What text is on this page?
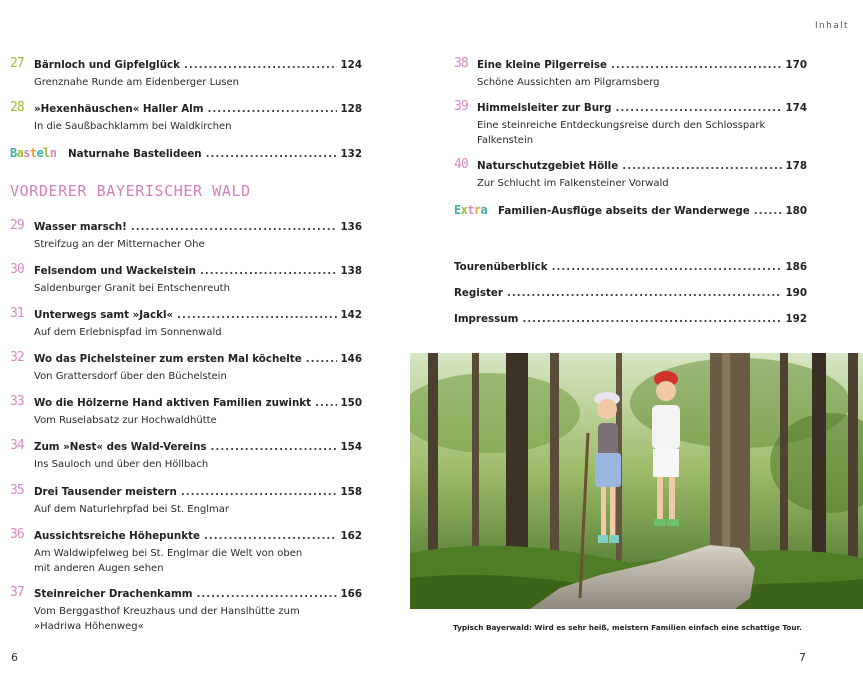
27 Bärnloch und Gipfelglück . . .	124
Grenznahe Runde am Eidenberger Lusen
28 »Hexenhäuschen« Haller Alm . . .	128
In die Saußbachklamm bei Waldkirchen
Basteln Naturnahe Bastelideen . . .	132
VORDERER BAYERISCHER WALD
29 Wasser marsch! . . .	136
Streifzug an der Mitternacher Ohe
30 Felsendom und Wackelstein . . .	138
Saldenburger Granit bei Entschenreuth
31 Unterwegs samt »Jackl« . . .	142
Auf dem Erlebnispfad im Sonnenwald
32 Wo das Pichelsteiner zum ersten Mal köchelte . . .	146
Von Grattersdorf über den Büchelstein
33 Wo die Hölzerne Hand aktiven Familien zuwinkt . . .	150
Vom Ruselabsatz zur Hochwaldhütte
34 Zum »Nest« des Wald-Vereins . . .	154
Ins Sauloch und über den Höllbach
35 Drei Tausender meistern . . .	158
Auf dem Naturlehrpfad bei St. Englmar
36 Aussichtsreiche Höhepunkte . . .	162
Am Waldwipfelweg bei St. Englmar die Welt von oben
mit anderen Augen sehen
37 Steinreicher Drachenkamm . . .	166
Vom Berggasthof Kreuzhaus und der Hanslhütte zum
»Hadriwa Höhenweg«
6
Inhalt
38 Eine kleine Pilgerreise . . .	170
Schöne Aussichten am Pilgramsberg
39 Himmelsleiter zur Burg . . .	174
Eine steinreiche Entdeckungsreise durch den Schlosspark
Falkenstein
40 Naturschutzgebiet Hölle . . .	178
Zur Schlucht im Falkensteiner Vorwald
Extra Familien-Ausflüge abseits der Wanderwege . . .	180
Tourenüberblick . . .	186
Register . . .	190
Impressum . . .	192
7
Typisch Bayerwald: Wird es sehr heiß, meistern Familien einfach eine schattige Tour.
